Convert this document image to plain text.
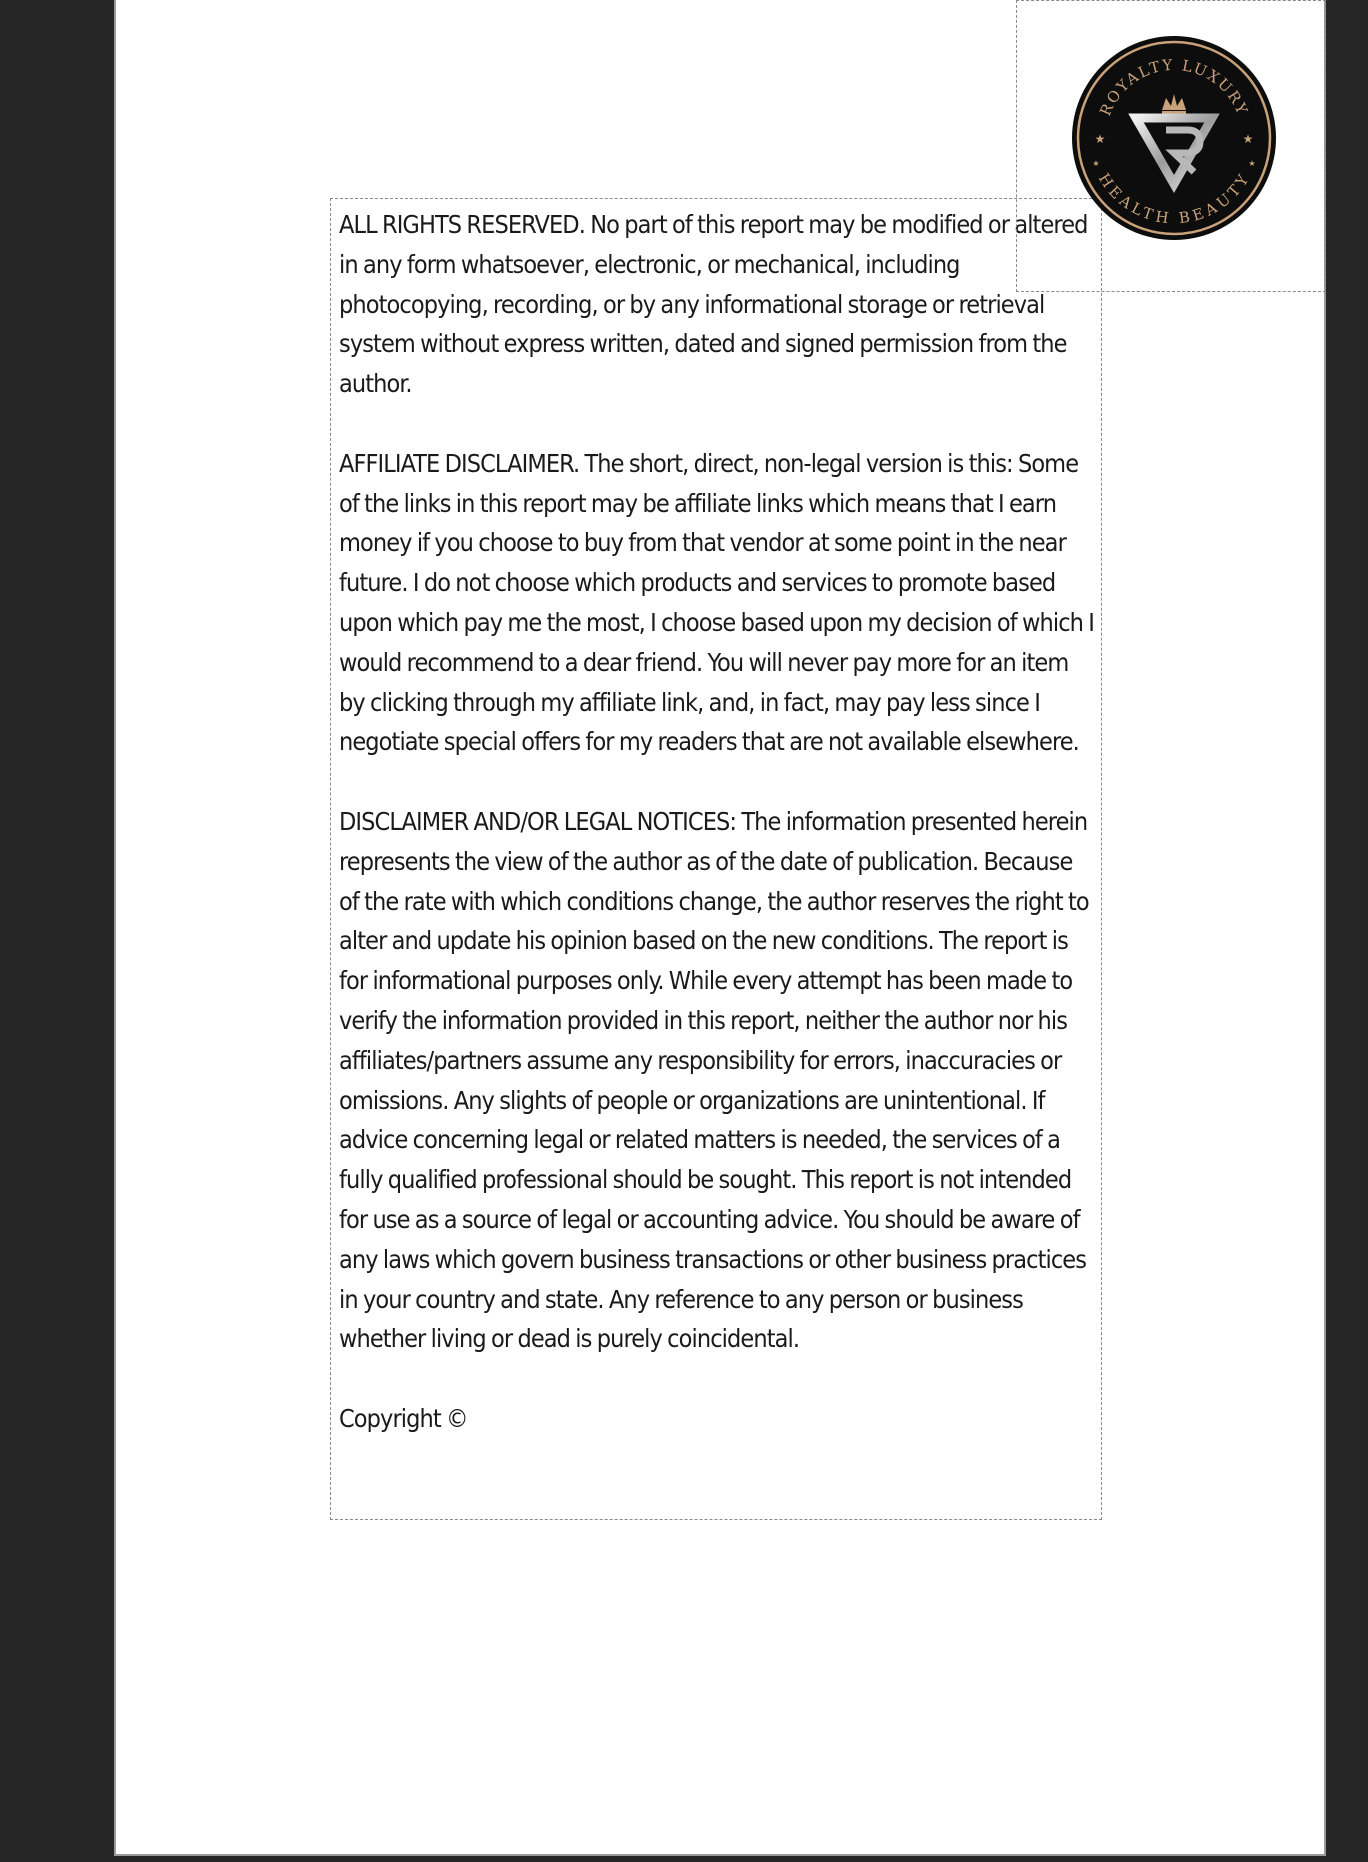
ALL RIGHTS RESERVED. No part of this report may be modified or altered in any form whatsoever, electronic, or mechanical, including photocopying, recording, or by any informational storage or retrieval system without express written, dated and signed permission from the author.

AFFILIATE DISCLAIMER. The short, direct, non-legal version is this: Some of the links in this report may be affiliate links which means that I earn money if you choose to buy from that vendor at some point in the near future. I do not choose which products and services to promote based upon which pay me the most, I choose based upon my decision of which I would recommend to a dear friend. You will never pay more for an item by clicking through my affiliate link, and, in fact, may pay less since I negotiate special offers for my readers that are not available elsewhere.

DISCLAIMER AND/OR LEGAL NOTICES: The information presented herein represents the view of the author as of the date of publication. Because of the rate with which conditions change, the author reserves the right to alter and update his opinion based on the new conditions. The report is for informational purposes only. While every attempt has been made to verify the information provided in this report, neither the author nor his affiliates/partners assume any responsibility for errors, inaccuracies or omissions. Any slights of people or organizations are unintentional. If advice concerning legal or related matters is needed, the services of a fully qualified professional should be sought. This report is not intended for use as a source of legal or accounting advice. You should be aware of any laws which govern business transactions or other business practices in your country and state. Any reference to any person or business whether living or dead is purely coincidental.

Copyright ©

ROYALTY LUXURY
HEALTH BEAUTY
★	★
★	★
